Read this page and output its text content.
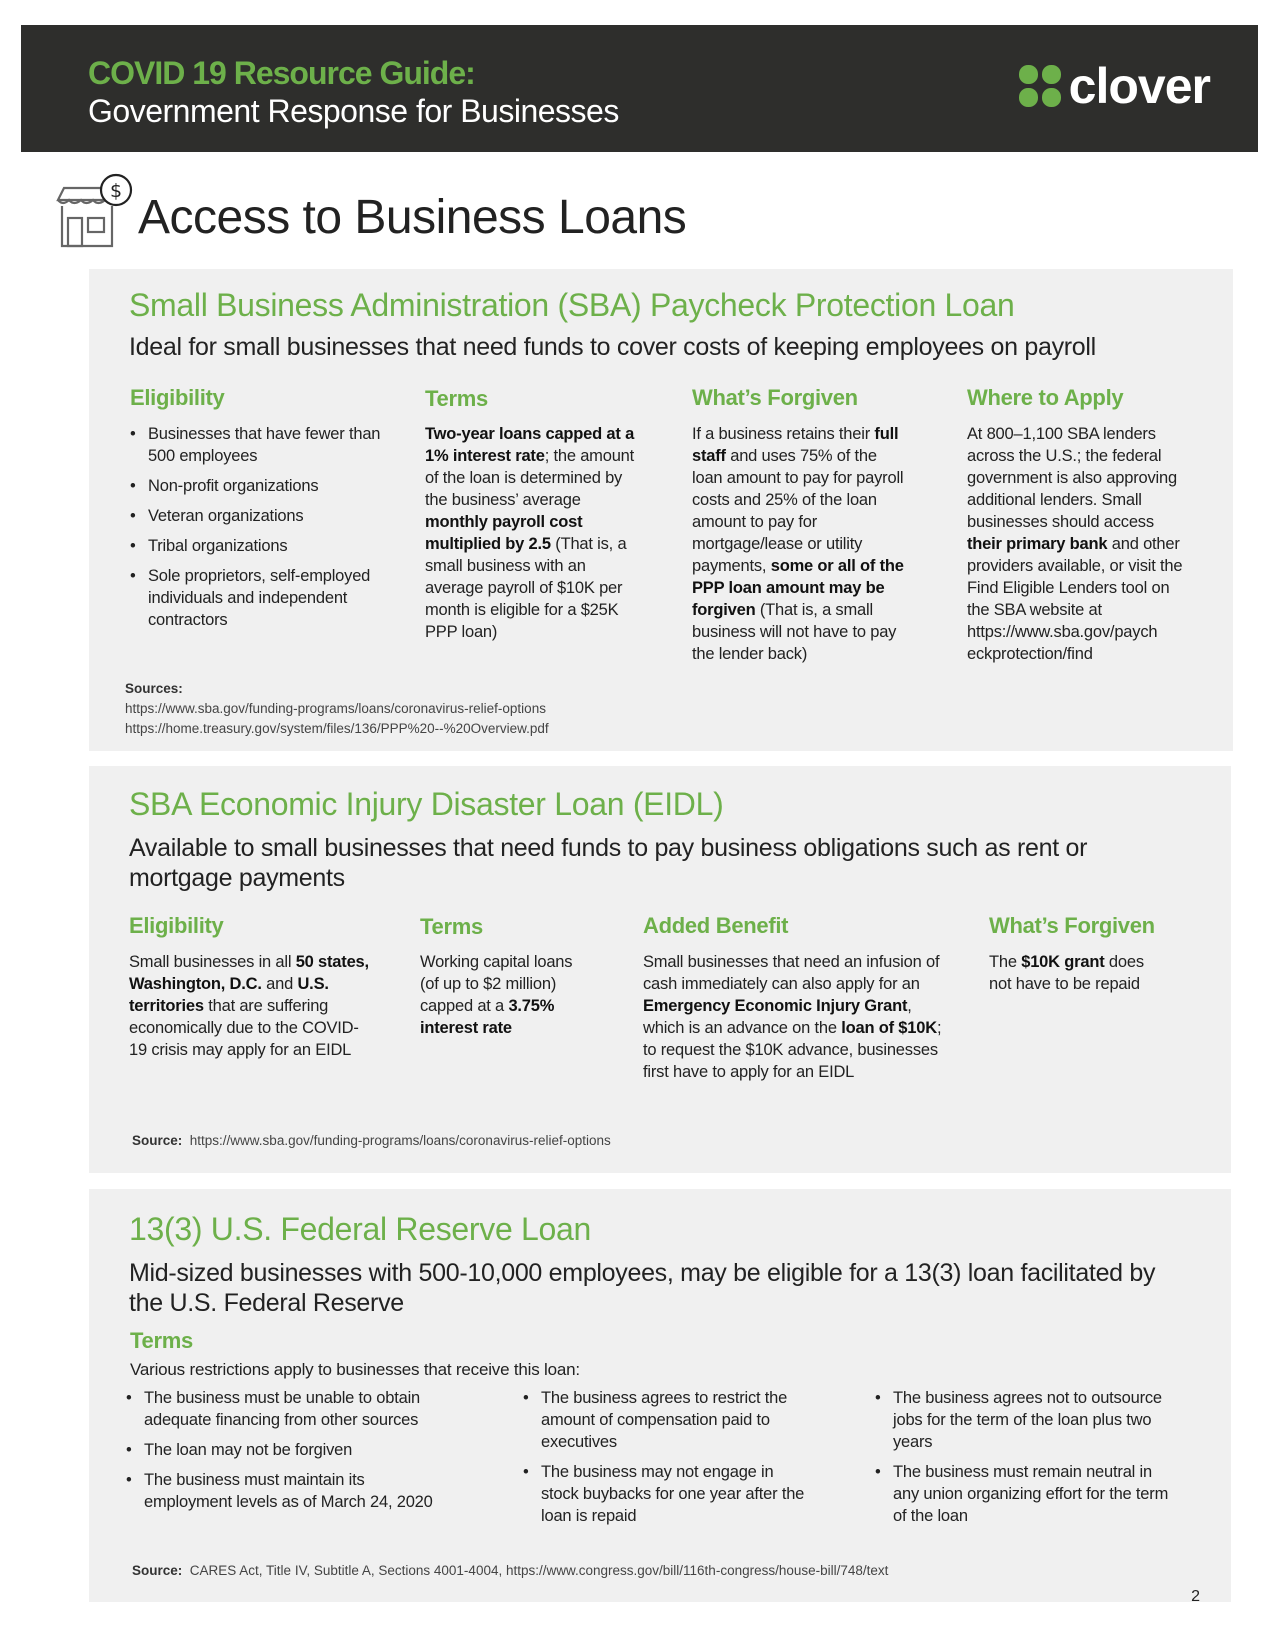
COVID 19 Resource Guide:
Government Response for Businesses	clover
$ Access to Business Loans
Small Business Administration (SBA) Paycheck Protection Loan
Ideal for small businesses that need funds to cover costs of keeping employees on payroll
Eligibility
• Businesses that have fewer than 500 employees
• Non-profit organizations
• Veteran organizations
• Tribal organizations
• Sole proprietors, self-employed individuals and independent contractors
Terms
Two-year loans capped at a 1% interest rate; the amount of the loan is determined by the business’ average monthly payroll cost multiplied by 2.5 (That is, a small business with an average payroll of $10K per month is eligible for a $25K PPP loan)
What’s Forgiven
If a business retains their full staff and uses 75% of the loan amount to pay for payroll costs and 25% of the loan amount to pay for mortgage/lease or utility payments, some or all of the PPP loan amount may be forgiven (That is, a small business will not have to pay the lender back)
Where to Apply
At 800–1,100 SBA lenders across the U.S.; the federal government is also approving additional lenders. Small businesses should access their primary bank and other providers available, or visit the Find Eligible Lenders tool on the SBA website at https://www.sba.gov/paych eckprotection/find
Sources:
https://www.sba.gov/funding-programs/loans/coronavirus-relief-options
https://home.treasury.gov/system/files/136/PPP%20--%20Overview.pdf
SBA Economic Injury Disaster Loan (EIDL)
Available to small businesses that need funds to pay business obligations such as rent or mortgage payments
Eligibility
Small businesses in all 50 states, Washington, D.C. and U.S. territories that are suffering economically due to the COVID-19 crisis may apply for an EIDL
Terms
Working capital loans (of up to $2 million) capped at a 3.75% interest rate
Added Benefit
Small businesses that need an infusion of cash immediately can also apply for an Emergency Economic Injury Grant, which is an advance on the loan of $10K; to request the $10K advance, businesses first have to apply for an EIDL
What’s Forgiven
The $10K grant does not have to be repaid
Source: https://www.sba.gov/funding-programs/loans/coronavirus-relief-options
13(3) U.S. Federal Reserve Loan
Mid-sized businesses with 500-10,000 employees, may be eligible for a 13(3) loan facilitated by the U.S. Federal Reserve
Terms
Various restrictions apply to businesses that receive this loan:
• The business must be unable to obtain adequate financing from other sources
• The loan may not be forgiven
• The business must maintain its employment levels as of March 24, 2020
• The business agrees to restrict the amount of compensation paid to executives
• The business may not engage in stock buybacks for one year after the loan is repaid
• The business agrees not to outsource jobs for the term of the loan plus two years
• The business must remain neutral in any union organizing effort for the term of the loan
Source: CARES Act, Title IV, Subtitle A, Sections 4001-4004, https://www.congress.gov/bill/116th-congress/house-bill/748/text
2
